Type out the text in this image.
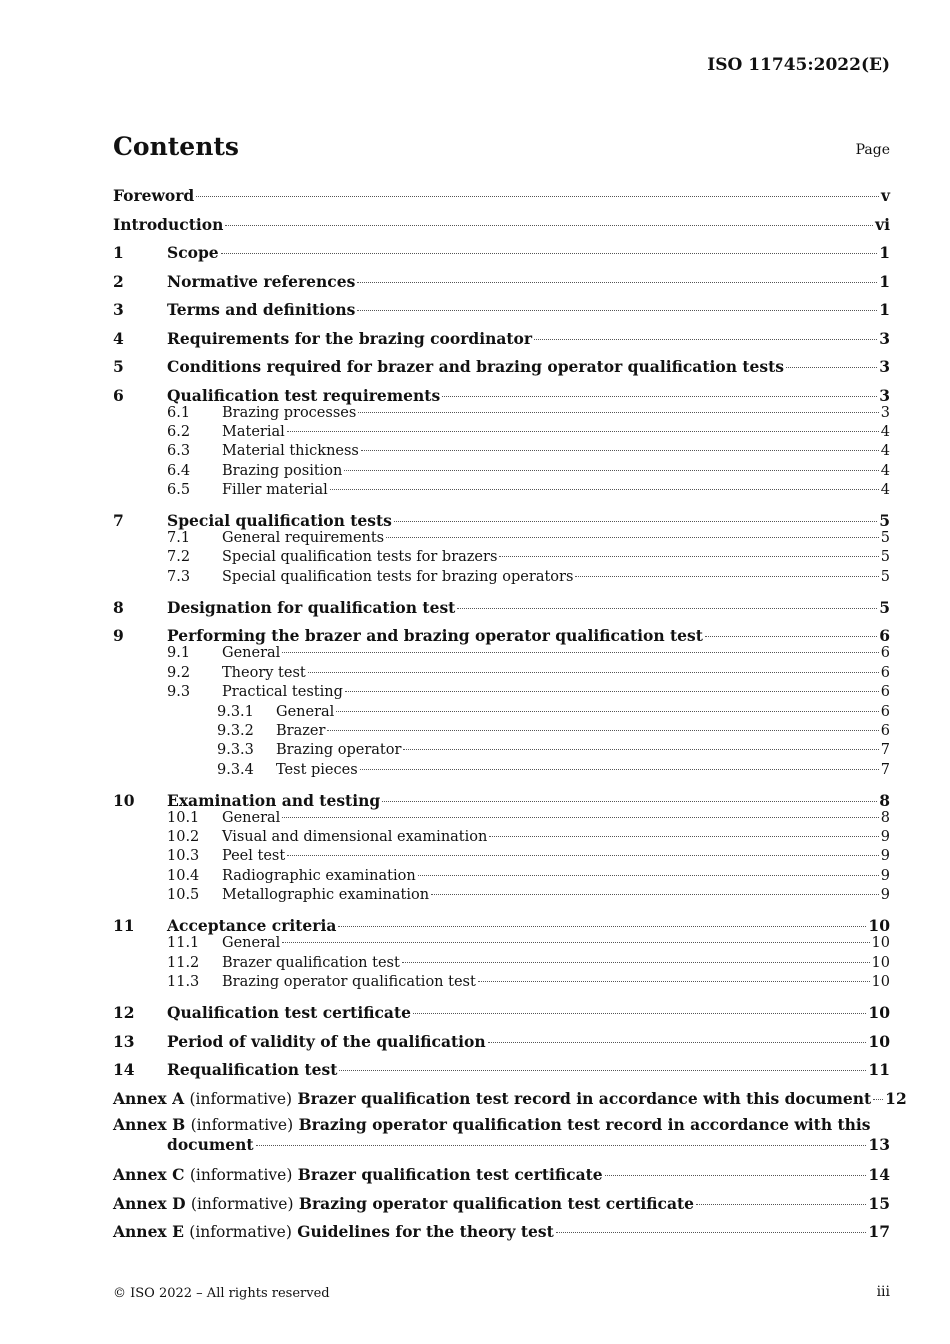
ISO 11745:2022(E)
Contents	Page
Foreword	v
Introduction	vi
1	Scope	1
2	Normative references	1
3	Terms and definitions	1
4	Requirements for the brazing coordinator	3
5	Conditions required for brazer and brazing operator qualification tests	3
6	Qualification test requirements	3
6.1	Brazing processes	3
6.2	Material	4
6.3	Material thickness	4
6.4	Brazing position	4
6.5	Filler material	4
7	Special qualification tests	5
7.1	General requirements	5
7.2	Special qualification tests for brazers	5
7.3	Special qualification tests for brazing operators	5
8	Designation for qualification test	5
9	Performing the brazer and brazing operator qualification test	6
9.1	General	6
9.2	Theory test	6
9.3	Practical testing	6
9.3.1	General	6
9.3.2	Brazer	6
9.3.3	Brazing operator	7
9.3.4	Test pieces	7
10	Examination and testing	8
10.1	General	8
10.2	Visual and dimensional examination	9
10.3	Peel test	9
10.4	Radiographic examination	9
10.5	Metallographic examination	9
11	Acceptance criteria	10
11.1	General	10
11.2	Brazer qualification test	10
11.3	Brazing operator qualification test	10
12	Qualification test certificate	10
13	Period of validity of the qualification	10
14	Requalification test	11
Annex A (informative) Brazer qualification test record in accordance with this document 12
Annex B (informative) Brazing operator qualification test record in accordance with this
document	13
Annex C (informative) Brazer qualification test certificate	14
Annex D (informative) Brazing operator qualification test certificate	15
Annex E (informative) Guidelines for the theory test	17
© ISO 2022 – All rights reserved	iii
